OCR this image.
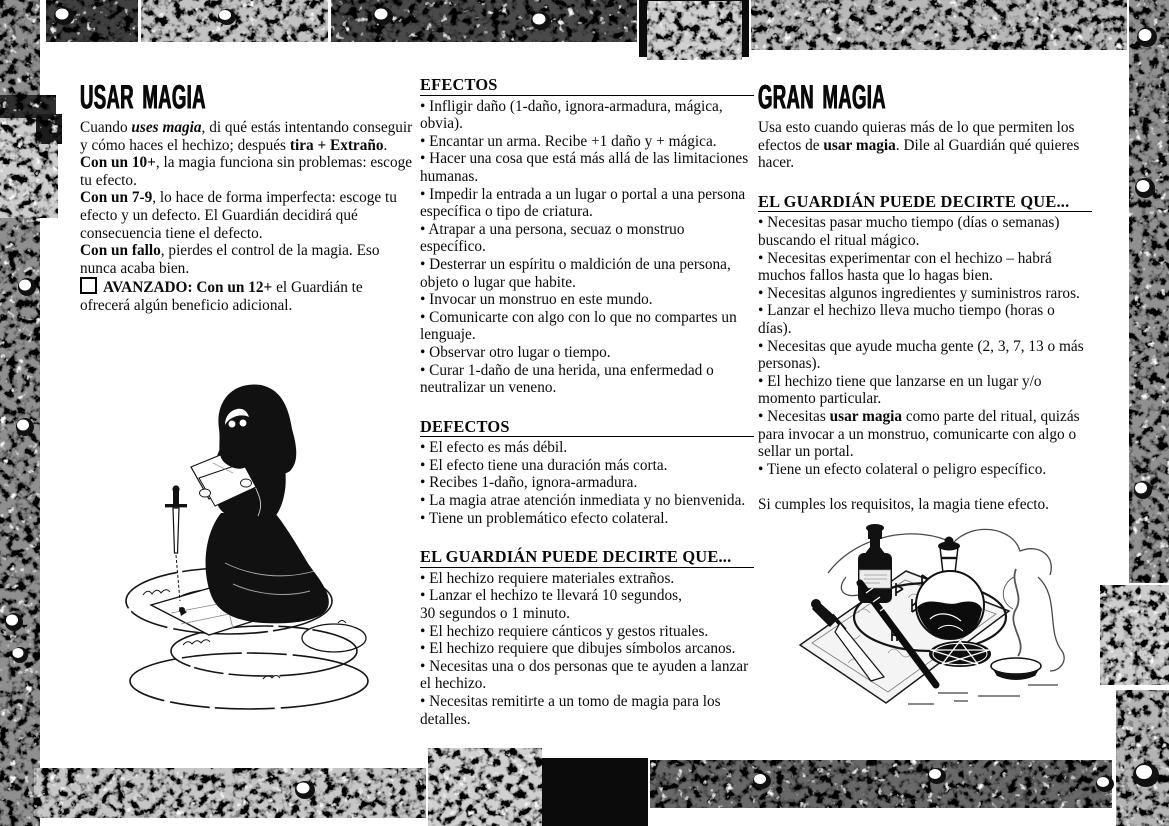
USAR MAGIA

Cuando uses magia, di qué estás intentando conseguir y cómo haces el hechizo; después tira + Extraño.

Con un 10+, la magia funciona sin problemas: escoge tu efecto.

Con un 7-9, lo hace de forma imperfecta: escoge tu efecto y un defecto. El Guardián decidirá qué consecuencia tiene el defecto.

Con un fallo, pierdes el control de la magia. Eso nunca acaba bien.

AVANZADO: Con un 12+ el Guardián te ofrecerá algún beneficio adicional.

EFECTOS

• Infligir daño (1-daño, ignora-armadura, mágica, obvia).

• Encantar un arma. Recibe +1 daño y + mágica.

• Hacer una cosa que está más allá de las limitaciones humanas.

• Impedir la entrada a un lugar o portal a una persona específica o tipo de criatura.

• Atrapar a una persona, secuaz o monstruo específico.

• Desterrar un espíritu o maldición de una persona, objeto o lugar que habite.

• Invocar un monstruo en este mundo.

• Comunicarte con algo con lo que no compartes un lenguaje.

• Observar otro lugar o tiempo.

• Curar 1-daño de una herida, una enfermedad o neutralizar un veneno.

DEFECTOS

• El efecto es más débil.

• El efecto tiene una duración más corta.

• Recibes 1-daño, ignora-armadura.

• La magia atrae atención inmediata y no bienvenida.

• Tiene un problemático efecto colateral.

EL GUARDIÁN PUEDE DECIRTE QUE...

• El hechizo requiere materiales extraños.

• Lanzar el hechizo te llevará 10 segundos,
30 segundos o 1 minuto.

• El hechizo requiere cánticos y gestos rituales.

• El hechizo requiere que dibujes símbolos arcanos.

• Necesitas una o dos personas que te ayuden a lanzar el hechizo.

• Necesitas remitirte a un tomo de magia para los detalles.

GRAN MAGIA

Usa esto cuando quieras más de lo que permiten los efectos de usar magia. Dile al Guardián qué quieres hacer.

EL GUARDIÁN PUEDE DECIRTE QUE...

• Necesitas pasar mucho tiempo (días o semanas) buscando el ritual mágico.

• Necesitas experimentar con el hechizo – habrá muchos fallos hasta que lo hagas bien.

• Necesitas algunos ingredientes y suministros raros.

• Lanzar el hechizo lleva mucho tiempo (horas o días).

• Necesitas que ayude mucha gente (2, 3, 7, 13 o más personas).

• El hechizo tiene que lanzarse en un lugar y/o momento particular.

• Necesitas usar magia como parte del ritual, quizás para invocar a un monstruo, comunicarte con algo o sellar un portal.

• Tiene un efecto colateral o peligro específico.

Si cumples los requisitos, la magia tiene efecto.
